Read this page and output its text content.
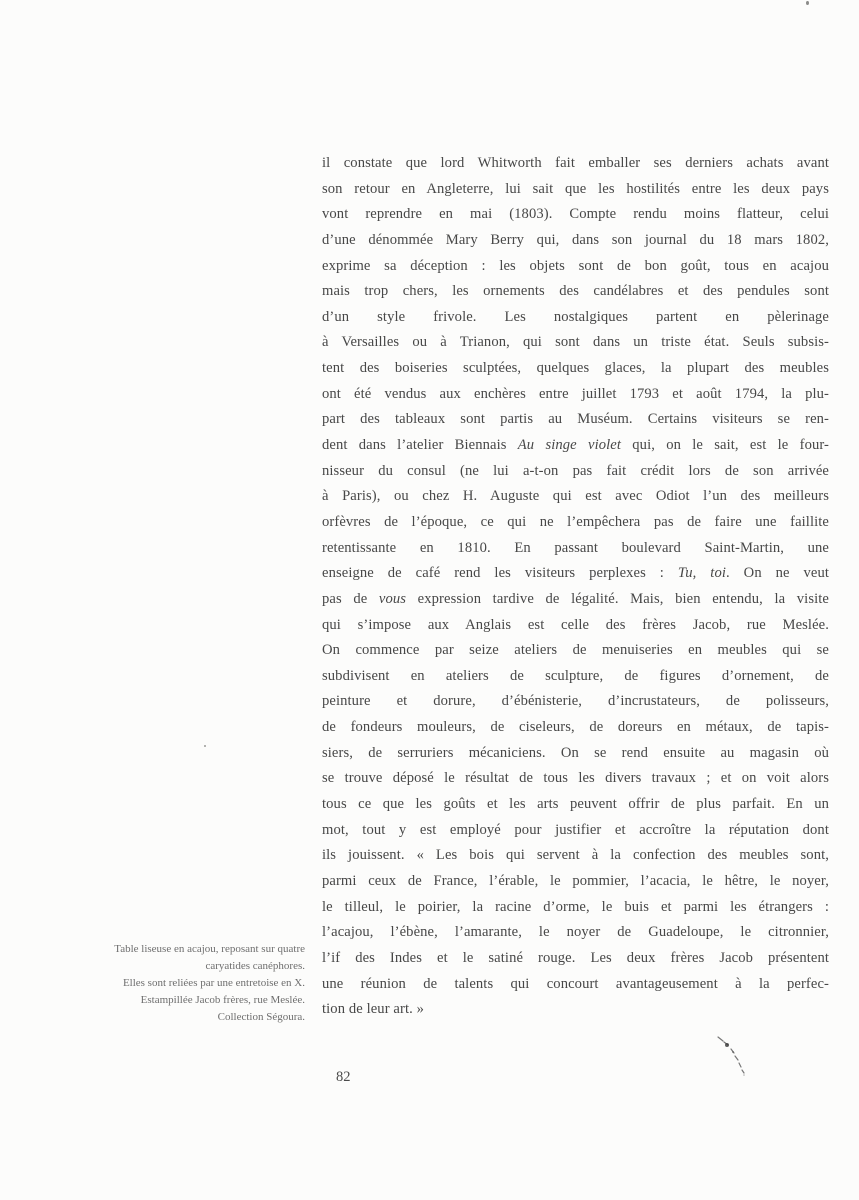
Table liseuse en acajou, reposant sur quatre
caryatides canéphores.
Elles sont reliées par une entretoise en X.
Estampillée Jacob frères, rue Meslée.
Collection Ségoura.
il constate que lord Whitworth fait emballer ses derniers achats avant
son retour en Angleterre, lui sait que les hostilités entre les deux pays
vont reprendre en mai (1803). Compte rendu moins flatteur, celui
d’une dénommée Mary Berry qui, dans son journal du 18 mars 1802,
exprime sa déception : les objets sont de bon goût, tous en acajou
mais trop chers, les ornements des candélabres et des pendules sont
d’un style frivole. Les nostalgiques partent en pèlerinage
à Versailles ou à Trianon, qui sont dans un triste état. Seuls subsis-
tent des boiseries sculptées, quelques glaces, la plupart des meubles
ont été vendus aux enchères entre juillet 1793 et août 1794, la plu-
part des tableaux sont partis au Muséum. Certains visiteurs se ren-
dent dans l’atelier Biennais Au singe violet qui, on le sait, est le four-
nisseur du consul (ne lui a-t-on pas fait crédit lors de son arrivée
à Paris), ou chez H. Auguste qui est avec Odiot l’un des meilleurs
orfèvres de l’époque, ce qui ne l’empêchera pas de faire une faillite
retentissante en 1810. En passant boulevard Saint-Martin, une
enseigne de café rend les visiteurs perplexes : Tu, toi. On ne veut
pas de vous expression tardive de légalité. Mais, bien entendu, la visite
qui s’impose aux Anglais est celle des frères Jacob, rue Meslée.
On commence par seize ateliers de menuiseries en meubles qui se
subdivisent en ateliers de sculpture, de figures d’ornement, de
peinture et dorure, d’ébénisterie, d’incrustateurs, de polisseurs,
de fondeurs mouleurs, de ciseleurs, de doreurs en métaux, de tapis-
siers, de serruriers mécaniciens. On se rend ensuite au magasin où
se trouve déposé le résultat de tous les divers travaux ; et on voit alors
tous ce que les goûts et les arts peuvent offrir de plus parfait. En un
mot, tout y est employé pour justifier et accroître la réputation dont
ils jouissent. « Les bois qui servent à la confection des meubles sont,
parmi ceux de France, l’érable, le pommier, l’acacia, le hêtre, le noyer,
le tilleul, le poirier, la racine d’orme, le buis et parmi les étrangers :
l’acajou, l’ébène, l’amarante, le noyer de Guadeloupe, le citronnier,
l’if des Indes et le satiné rouge. Les deux frères Jacob présentent
une réunion de talents qui concourt avantageusement à la perfec-
tion de leur art. »
82
